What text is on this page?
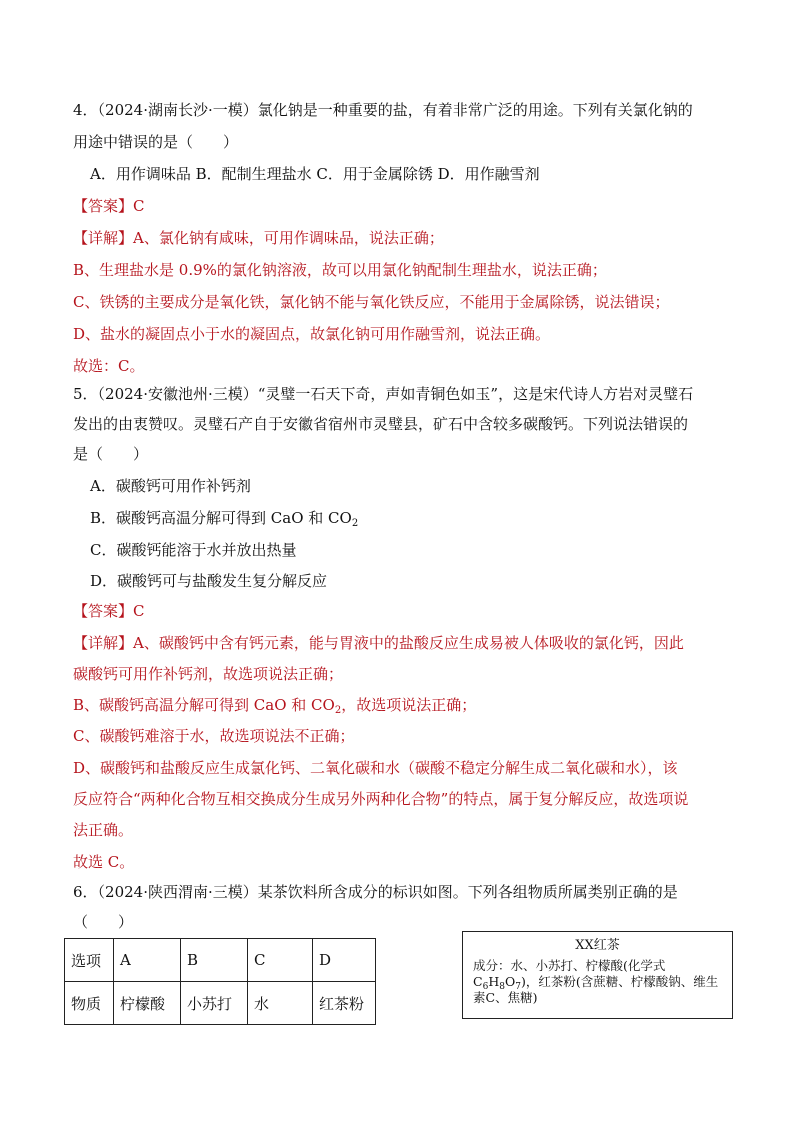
4．（2024·湖南长沙·一模）氯化钠是一种重要的盐，有着非常广泛的用途。下列有关氯化钠的
用途中错误的是（　　）
A．用作调味品 B．配制生理盐水 C．用于金属除锈 D．用作融雪剂
【答案】C
【详解】A、氯化钠有咸味，可用作调味品，说法正确；
B、生理盐水是 0.9%的氯化钠溶液，故可以用氯化钠配制生理盐水，说法正确；
C、铁锈的主要成分是氧化铁，氯化钠不能与氧化铁反应，不能用于金属除锈，说法错误；
D、盐水的凝固点小于水的凝固点，故氯化钠可用作融雪剂，说法正确。
故选：C。
5．（2024·安徽池州·三模）“灵璧一石天下奇，声如青铜色如玉”，这是宋代诗人方岩对灵璧石
发出的由衷赞叹。灵璧石产自于安徽省宿州市灵璧县，矿石中含较多碳酸钙。下列说法错误的
是（　　）
A．碳酸钙可用作补钙剂
B．碳酸钙高温分解可得到 CaO 和 $CO_2$
C．碳酸钙能溶于水并放出热量
D．碳酸钙可与盐酸发生复分解反应
【答案】C
【详解】A、碳酸钙中含有钙元素，能与胃液中的盐酸反应生成易被人体吸收的氯化钙，因此
碳酸钙可用作补钙剂，故选项说法正确；
B、碳酸钙高温分解可得到 CaO 和 $CO_2$，故选项说法正确；
C、碳酸钙难溶于水，故选项说法不正确；
D、碳酸钙和盐酸反应生成氯化钙、二氧化碳和水（碳酸不稳定分解生成二氧化碳和水），该
反应符合“两种化合物互相交换成分生成另外两种化合物”的特点，属于复分解反应，故选项说
法正确。
故选 C。
6．（2024·陕西渭南·三模）某茶饮料所含成分的标识如图。下列各组物质所属类别正确的是
（　　）
选项	A	B	C	D
物质	柠檬酸	小苏打	水	红茶粉
XX红茶
成分：水、小苏打、柠檬酸(化学式$C_6H_8O_7$)，红茶粉(含蔗糖、柠檬酸钠、维生素C、焦糖)
